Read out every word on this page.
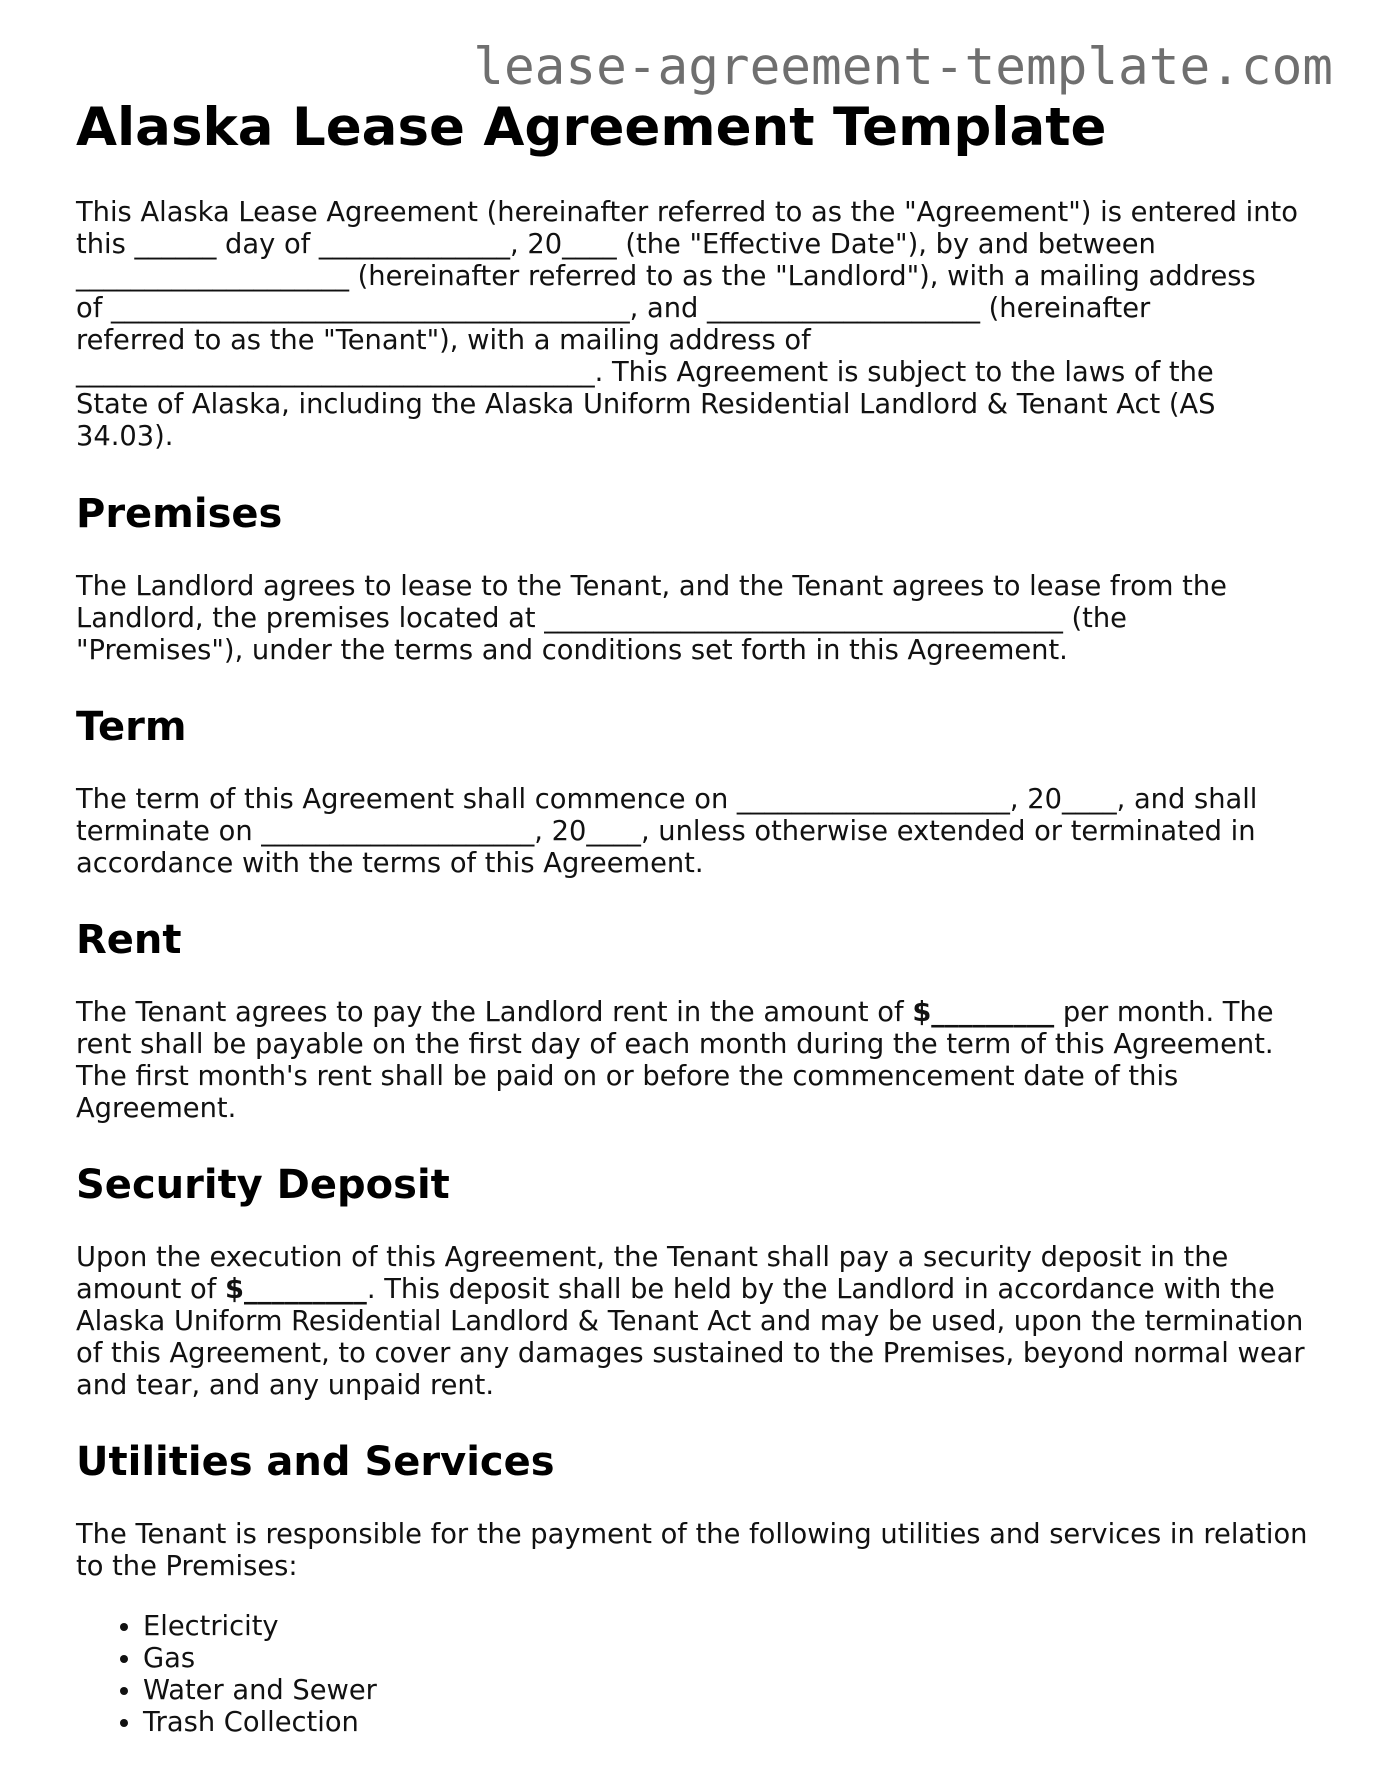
lease-agreement-template.com
Alaska Lease Agreement Template

This Alaska Lease Agreement (hereinafter referred to as the "Agreement") is entered into
this ______ day of ______________, 20____ (the "Effective Date"), by and between
____________________ (hereinafter referred to as the "Landlord"), with a mailing address
of ______________________________________, and ____________________ (hereinafter
referred to as the "Tenant"), with a mailing address of
______________________________________. This Agreement is subject to the laws of the
State of Alaska, including the Alaska Uniform Residential Landlord & Tenant Act (AS 34.03).

Premises

The Landlord agrees to lease to the Tenant, and the Tenant agrees to lease from the
Landlord, the premises located at ______________________________________ (the
"Premises"), under the terms and conditions set forth in this Agreement.

Term

The term of this Agreement shall commence on ____________________, 20____, and shall
terminate on ____________________, 20____, unless otherwise extended or terminated in
accordance with the terms of this Agreement.

Rent

The Tenant agrees to pay the Landlord rent in the amount of $_________ per month. The
rent shall be payable on the first day of each month during the term of this Agreement.
The first month's rent shall be paid on or before the commencement date of this
Agreement.

Security Deposit

Upon the execution of this Agreement, the Tenant shall pay a security deposit in the
amount of $_________. This deposit shall be held by the Landlord in accordance with the
Alaska Uniform Residential Landlord & Tenant Act and may be used, upon the termination
of this Agreement, to cover any damages sustained to the Premises, beyond normal wear
and tear, and any unpaid rent.

Utilities and Services

The Tenant is responsible for the payment of the following utilities and services in relation
to the Premises:

• Electricity
• Gas
• Water and Sewer
• Trash Collection
